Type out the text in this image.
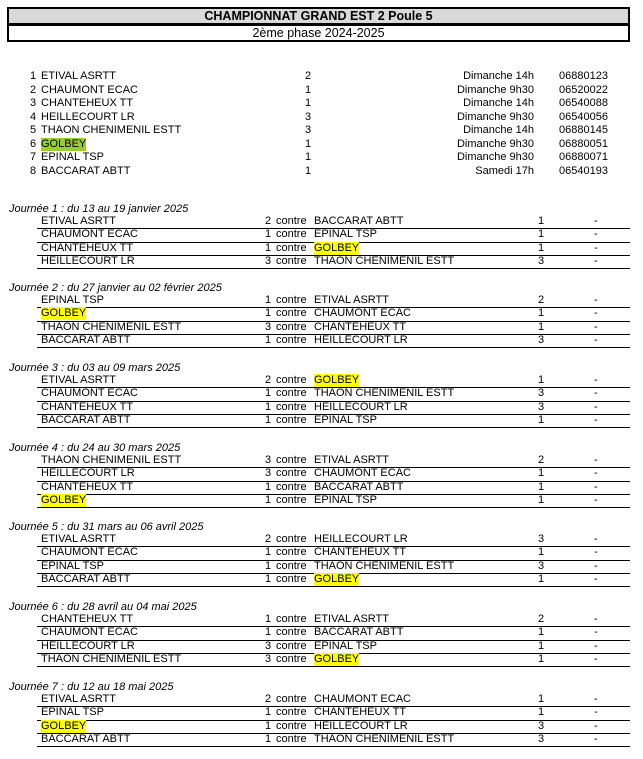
CHAMPIONNAT GRAND EST 2 Poule 5
2ème phase 2024-2025
1 ETIVAL ASRTT	2	Dimanche 14h 06880123
2 CHAUMONT ECAC	1	Dimanche 9h30 06520022
3 CHANTEHEUX TT	1	Dimanche 14h 06540088
4 HEILLECOURT LR	3	Dimanche 9h30 06540056
5 THAON CHENIMENIL ESTT	3	Dimanche 14h 06880145
6 GOLBEY	1	Dimanche 9h30 06880051
7 EPINAL TSP	1	Dimanche 9h30 06880071
8 BACCARAT ABTT	1	Samedi 17h 06540193
Journée 1 : du 13 au 19 janvier 2025
ETIVAL ASRTT	2 contre BACCARAT ABTT	1	-
CHAUMONT ECAC	1 contre EPINAL TSP	1	-
CHANTEHEUX TT	1 contre GOLBEY	1	-
HEILLECOURT LR	3 contre THAON CHENIMENIL ESTT	3	-
Journée 2 : du 27 janvier au 02 février 2025
EPINAL TSP	1 contre ETIVAL ASRTT	2	-
GOLBEY	1 contre CHAUMONT ECAC	1	-
THAON CHENIMENIL ESTT	3 contre CHANTEHEUX TT	1	-
BACCARAT ABTT	1 contre HEILLECOURT LR	3	-
Journée 3 : du 03 au 09 mars 2025
ETIVAL ASRTT	2 contre GOLBEY	1	-
CHAUMONT ECAC	1 contre THAON CHENIMENIL ESTT	3	-
CHANTEHEUX TT	1 contre HEILLECOURT LR	3	-
BACCARAT ABTT	1 contre EPINAL TSP	1	-
Journée 4 : du 24 au 30 mars 2025
THAON CHENIMENIL ESTT	3 contre ETIVAL ASRTT	2	-
HEILLECOURT LR	3 contre CHAUMONT ECAC	1	-
CHANTEHEUX TT	1 contre BACCARAT ABTT	1	-
GOLBEY	1 contre EPINAL TSP	1	-
Journée 5 : du 31 mars au 06 avril 2025
ETIVAL ASRTT	2 contre HEILLECOURT LR	3	-
CHAUMONT ECAC	1 contre CHANTEHEUX TT	1	-
EPINAL TSP	1 contre THAON CHENIMENIL ESTT	3	-
BACCARAT ABTT	1 contre GOLBEY	1	-
Journée 6 : du 28 avril au 04 mai 2025
CHANTEHEUX TT	1 contre ETIVAL ASRTT	2	-
CHAUMONT ECAC	1 contre BACCARAT ABTT	1	-
HEILLECOURT LR	3 contre EPINAL TSP	1	-
THAON CHENIMENIL ESTT	3 contre GOLBEY	1	-
Journée 7 : du 12 au 18 mai 2025
ETIVAL ASRTT	2 contre CHAUMONT ECAC	1	-
EPINAL TSP	1 contre CHANTEHEUX TT	1	-
GOLBEY	1 contre HEILLECOURT LR	3	-
BACCARAT ABTT	1 contre THAON CHENIMENIL ESTT	3	-
